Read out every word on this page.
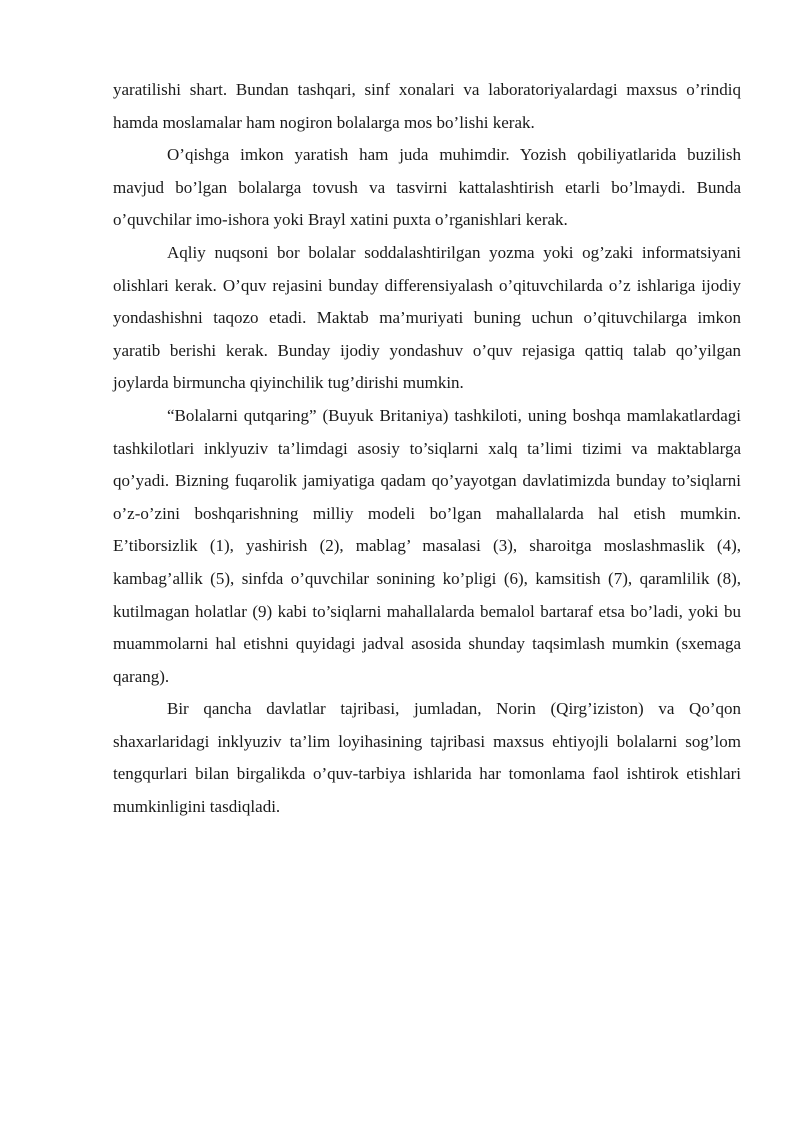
yaratilishi shart. Bundan tashqari, sinf xonalari va laboratoriyalardagi maxsus o’rindiq hamda moslamalar ham nogiron bolalarga mos bo’lishi kerak.

O’qishga imkon yaratish ham juda muhimdir. Yozish qobiliyatlarida buzilish mavjud bo’lgan bolalarga tovush va tasvirni kattalashtirish etarli bo’lmaydi. Bunda o’quvchilar imo-ishora yoki Brayl xatini puxta o’rganishlari kerak.

Aqliy nuqsoni bor bolalar soddalashtirilgan yozma yoki og’zaki informatsiyani olishlari kerak. O’quv rejasini bunday differensiyalash o’qituvchilarda o’z ishlariga ijodiy yondashishni taqozo etadi. Maktab ma’muriyati buning uchun o’qituvchilarga imkon yaratib berishi kerak. Bunday ijodiy yondashuv o’quv rejasiga qattiq talab qo’yilgan joylarda birmuncha qiyinchilik tug’dirishi mumkin.

“Bolalarni qutqaring” (Buyuk Britaniya) tashkiloti, uning boshqa mamlakatlardagi tashkilotlari inklyuziv ta’limdagi asosiy to’siqlarni xalq ta’limi tizimi va maktablarga qo’yadi. Bizning fuqarolik jamiyatiga qadam qo’yayotgan davlatimizda bunday to’siqlarni o’z-o’zini boshqarishning milliy modeli bo’lgan mahallalarda hal etish mumkin. E’tiborsizlik (1), yashirish (2), mablag’ masalasi (3), sharoitga moslashmaslik (4), kambag’allik (5), sinfda o’quvchilar sonining ko’pligi (6), kamsitish (7), qaramlilik (8), kutilmagan holatlar (9) kabi to’siqlarni mahallalarda bemalol bartaraf etsa bo’ladi, yoki bu muammolarni hal etishni quyidagi jadval asosida shunday taqsimlash mumkin (sxemaga qarang).

Bir qancha davlatlar tajribasi, jumladan, Norin (Qirg’iziston) va Qo’qon shaxarlaridagi inklyuziv ta’lim loyihasining tajribasi maxsus ehtiyojli bolalarni sog’lom tengqurlari bilan birgalikda o’quv-tarbiya ishlarida har tomonlama faol ishtirok etishlari mumkinligini tasdiqladi.
